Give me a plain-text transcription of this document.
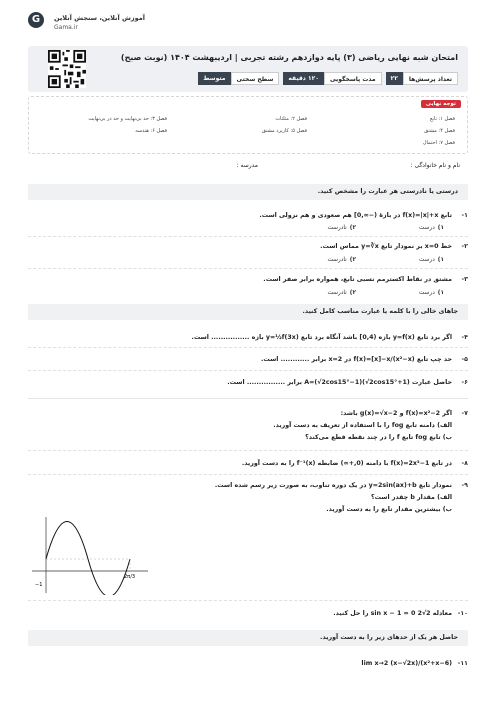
G	آموزش آنلاین، سنجش آنلاین
Gama.ir
امتحان شبه نهایی ریاضی (۳) پایه دوازدهم رشته تجربی | اردیبهشت ۱۴۰۴ (نوبت صبح)
تعداد پرسش‌ها
۲۲
مدت پاسخگویی
۱۲۰ دقیقه
سطح سختی
متوسط
توجه نهایی
فصل ۱: تابع
فصل ۲: مثلثات
فصل ۳: حد بی‌نهایت و حد در بی‌نهایت
فصل ۴: مشتق
فصل ۵: کاربرد مشتق
فصل ۶: هندسه
فصل ۷: احتمال
نام و نام خانوادگی :
مدرسه :
درستی یا نادرستی هر عبارت را مشخص کنید.
۱-تابع f(x)=|x|+x در بازهٔ (−∞,0] هم صعودی و هم نزولی است.
۱)درست
۲)نادرست
۲-خط x=0 بر نمودار تابع y=∛x مماس است.
۱)درست
۲)نادرست
۳-مشتق در نقاط اکسترمم نسبی تابع، همواره برابر صفر است.
۱)درست
۲)نادرست
جاهای خالی را با کلمه یا عبارت مناسب کامل کنید.
۴-اگر برد تابع y=f(x) بازه (0,4] باشد آنگاه برد تابع y=½f(3x) بازه ................ است.
۵-حد چپ تابع f(x)=[x]−x/(x²−x) در x=2 برابر ............ است.
۶-حاصل عبارت A=(√2cos15°−1)(√2cos15°+1) برابر ................ است.
۷-اگر f(x)=x²−2 و g(x)=√x−2 باشد:
الف) دامنه تابع fog را با استفاده از تعریف به‌ دست آورید.
ب) تابع fog تابع f را در چند نقطه قطع می‌کند؟
۸-در تابع f(x)=2x³−1 با دامنه (0,+∞) ضابطه f⁻¹(x) را به دست آورید.
۹-نمودار تابع y=2sin(ax)+b در یک دوره تناوب، به صورت زیر رسم شده است.
الف) مقدار b چقدر است؟
ب) بیشترین مقدار تابع را به دست آورید.
−1
2π/3
۱۰-معادله 2√2 sin x − 1 = 0 را حل کنید.
حاصل هر یک از حدهای زیر را به دست آورید.
۱۱-lim x→2 (x−√2x)/(x²+x−6)
